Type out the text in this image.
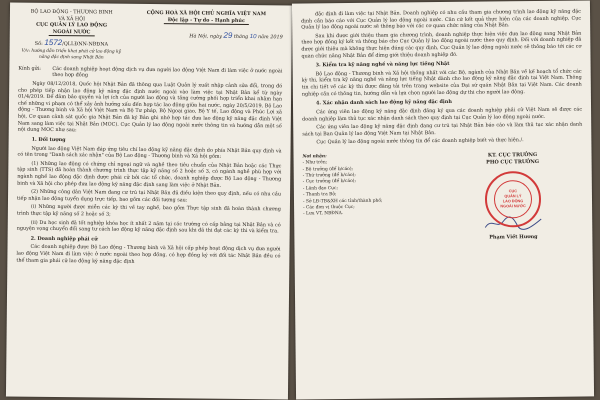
BỘ LAO ĐỘNG - THƯƠNG BINH

VÀ XÃ HỘI

CỤC QUẢN LÝ LAO ĐỘNG

NGOÀI NƯỚC

Số: 1572/QLLĐNN-NBĐNA

V/v: hướng dẫn triển khai phái cử lao động kỹ năng đặc định sang Nhật Bản

CỘNG HOÀ XÃ HỘI CHỦ NGHĨA VIỆT NAM

Độc lập - Tự do - Hạnh phúc

Hà Nội, ngày 29 tháng 10 năm 2019

Kính gửi:	Các doanh nghiệp hoạt động dịch vụ đưa người lao động Việt Nam đi làm việc ở nước ngoài theo hợp đồng

Ngày 08/12/2018, Quốc hội Nhật Bản đã thông qua Luật Quản lý xuất nhập cảnh sửa đổi, trong đó cho phép tiếp nhận lao động kỹ năng đặc định nước ngoài vào làm việc tại Nhật Bản kể từ ngày 01/4/2019. Để đảm bảo quyền và lợi ích của người lao động và tăng cường phối hợp triển khai nhằm hạn chế những vi phạm có thể xảy ảnh hưởng xấu đến hợp tác lao động giữa hai nước, ngày 20/5/2019, Bộ Lao động - Thương binh và Xã hội Việt Nam và Bộ Tư pháp, Bộ Ngoại giao, Bộ Y tế, Lao động và Phúc Lợi xã hội, Cơ quan cảnh sát quốc gia Nhật Bản đã ký Bản ghi nhớ hợp tác đưa lao động kỹ năng đặc định Việt Nam sang làm việc tại Nhật Bản (MOC). Cục Quản lý lao động ngoài nước thông tin và hướng dẫn một số nội dung MOC như sau:

1. Đối tượng

Người lao động Việt Nam đáp ứng tiêu chí lao động kỹ năng đặc định do phía Nhật Bản quy định và có tên trong "Danh sách xác nhận" của Bộ Lao động - Thương binh và Xã hội gồm:

(1) Những lao động có chứng chỉ ngoại ngữ và nghề theo tiêu chuẩn của Nhật Bản hoặc các Thực tập sinh (TTS) đã hoàn thành chương trình thực tập kỹ năng số 2 hoặc số 3, có ngành nghề phù hợp với ngành nghề lao động đặc định được phái cử bởi các tổ chức, doanh nghiệp được Bộ Lao động - Thương binh và Xã hội cho phép đưa lao động kỹ năng đặc định sang làm việc ở Nhật Bản.

(2) Những công dân Việt Nam đang cư trú tại Nhật Bản đủ điều kiện theo quy định, nếu có nhu cầu tiếp nhận lao động tuyển dụng trực tiếp, bao gồm các đối tượng sau:

(i) Những người được miễn các kỳ thi về tay nghề, bao gồm Thực tập sinh đã hoàn thành chương trình thực tập kỹ năng số 2 hoặc số 3;

(ii) Du học sinh đã tốt nghiệp khóa học ít nhất 2 năm tại các trường có cấp bằng tại Nhật Bản và có nguyện vọng chuyển đổi sang tư cách lao động kỹ năng đặc định sau khi đã thi đạt các kỳ thi và kiểm tra.

2. Doanh nghiệp phái cử

Các doanh nghiệp được Bộ Lao động - Thương binh và Xã hội cấp phép hoạt động dịch vụ đưa người lao động Việt Nam đi làm việc ở nước ngoài theo hợp đồng, có hợp đồng ký với đối tác Nhật Bản đều có thể tham gia phái cử lao động kỹ năng đặc định

đặc định đi làm việc tại Nhật Bản. Doanh nghiệp có nhu cầu tham gia chương trình lao động kỹ năng đặc định cần báo cáo với Cục Quản lý lao động ngoài nước. Căn cứ kết quả thực hiện của các doanh nghiệp, Cục Quản lý lao động ngoài nước sẽ thông báo với các cơ quan chức năng của Nhật Bản.

Sau khi được giới thiệu tham gia chương trình, doanh nghiệp thực hiện việc đưa lao động sang Nhật Bản theo hợp đồng ký kết và thông báo cho Cục Quản lý lao động ngoài nước theo quy định. Đối với doanh nghiệp đã được giới thiệu mà không thực hiện đúng các quy định, Cục Quản lý lao động ngoài nước sẽ thông báo tới các cơ quan chức năng Nhật Bản để dừng giới thiệu doanh nghiệp đó.

3. Kiểm tra kỹ năng nghề và năng lực tiếng Nhật

Bộ Lao động - Thương binh và Xã hội thống nhất với các Bộ, ngành của Nhật Bản về kế hoạch tổ chức các kỳ thi, kiểm tra kỹ năng nghề và năng lực tiếng Nhật dành cho lao động kỹ năng đặc định tại Việt Nam. Thông tin chi tiết về các kỳ thi được đăng tải trên trang website của Đại sứ quán Nhật Bản tại Việt Nam. Các doanh nghiệp cần có thông tin, hướng dẫn và lựa chọn người lao động dự thi cho người lao động.

4. Xác nhận danh sách lao động kỹ năng đặc định

Các ứng viên lao động kỹ năng đặc định đăng ký qua các doanh nghiệp phải cử Việt Nam sẽ được các doanh nghiệp làm thủ tục xác nhận danh sách theo quy định tại Cục Quản lý lao động ngoài nước.

Các ứng viên lao động kỹ năng đặc định đang cư trú tại Nhật Bản báo cáo và làm thủ tục xác nhận danh sách tại Ban Quản lý lao động Việt Nam tại Nhật Bản.

Cục Quản lý lao động ngoài nước thông tin để các doanh nghiệp biết và thực hiện./.

Nơi nhận:

- Như trên;

- Bộ trưởng (để b/cáo);

- Thứ trưởng (để b/cáo);

- Cục trưởng (để b/cáo);

- Lãnh đạo Cục;

- Thanh tra Bộ;

- Sở LĐ-TB&XH các tỉnh/thành phố;

- Các đơn vị thuộc Cục;

- Lưu VT, NBĐNA.

KT. CỤC TRƯỞNG

PHÓ CỤC TRƯỞNG

CỤC
QUẢN LÝ
LAO ĐỘNG
NGOÀI NƯỚC

Phạm Viết Hương
